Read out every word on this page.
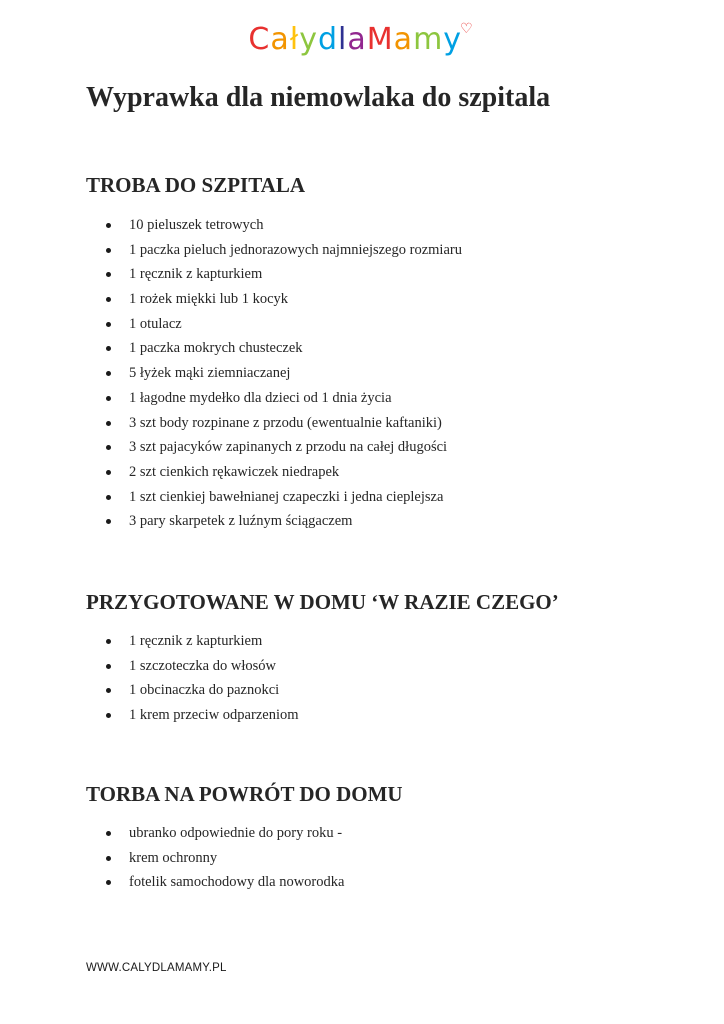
CałydlaMamy♡
Wyprawka dla niemowlaka do szpitala
TROBA DO SZPITALA
10 pieluszek tetrowych
1 paczka pieluch jednorazowych najmniejszego rozmiaru
1 ręcznik z kapturkiem
1 rożek miękki lub 1 kocyk
1 otulacz
1 paczka mokrych chusteczek
5 łyżek mąki ziemniaczanej
1 łagodne mydełko dla dzieci od 1 dnia życia
3 szt body rozpinane z przodu (ewentualnie kaftaniki)
3 szt pajacyków zapinanych z przodu na całej długości
2 szt cienkich rękawiczek niedrapek
1 szt cienkiej bawełnianej czapeczki i jedna cieplejsza
3 pary skarpetek z luźnym ściągaczem
PRZYGOTOWANE W DOMU ‘W RAZIE CZEGO’
1 ręcznik z kapturkiem
1 szczoteczka do włosów
1 obcinaczka do paznokci
1 krem przeciw odparzeniom
TORBA NA POWRÓT DO DOMU
ubranko odpowiednie do pory roku -
krem ochronny
fotelik samochodowy dla noworodka
WWW.CALYDLAMAMY.PL
